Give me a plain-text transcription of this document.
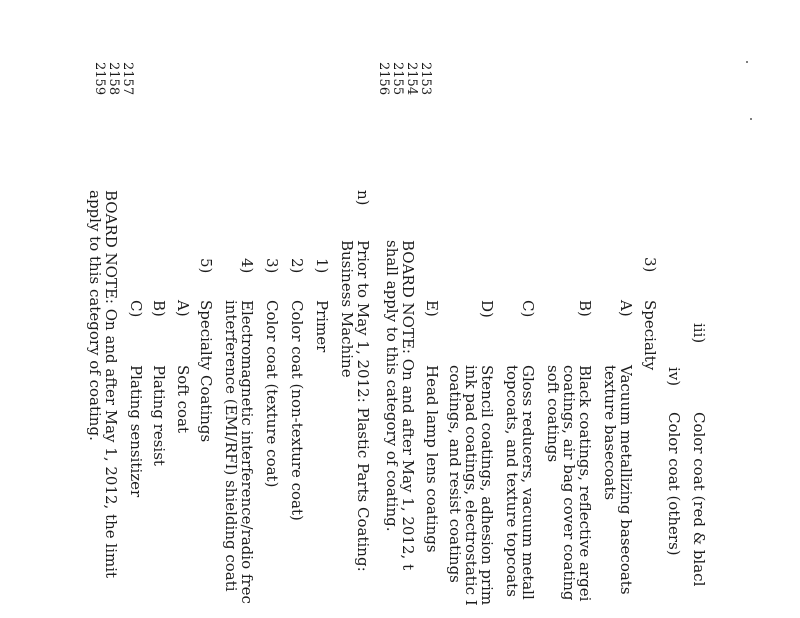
2153
2154
2155
2156
2157
2158
2159
iii)
Color coat (red & blacl
iv)
Color coat (others)
3)
Specialty
A)
Vacuum metallizing basecoats
texture basecoats
B)
Black coatings, reflective argei
coatings, air bag cover coating
soft coatings
C)
Gloss reducers, vacuum metall
topcoats, and texture topcoats
D)
Stencil coatings, adhesion prim
ink pad coatings, electrostatic I
coatings, and resist coatings
E)
Head lamp lens coatings
BOARD NOTE: On and after May 1, 2012, t
shall apply to this category of coating.
n)
Prior to May 1, 2012: Plastic Parts Coating:
Business Machine
1)
Primer
2)
Color coat (non-texture coat)
3)
Color coat (texture coat)
4)
Electromagnetic interference/radio frec
interference (EMI/RFI) shielding coati
5)
Specialty Coatings
A)
Soft coat
B)
Plating resist
C)
Plating sensitizer
BOARD NOTE: On and after May 1, 2012, the limit
apply to this category of coating.
